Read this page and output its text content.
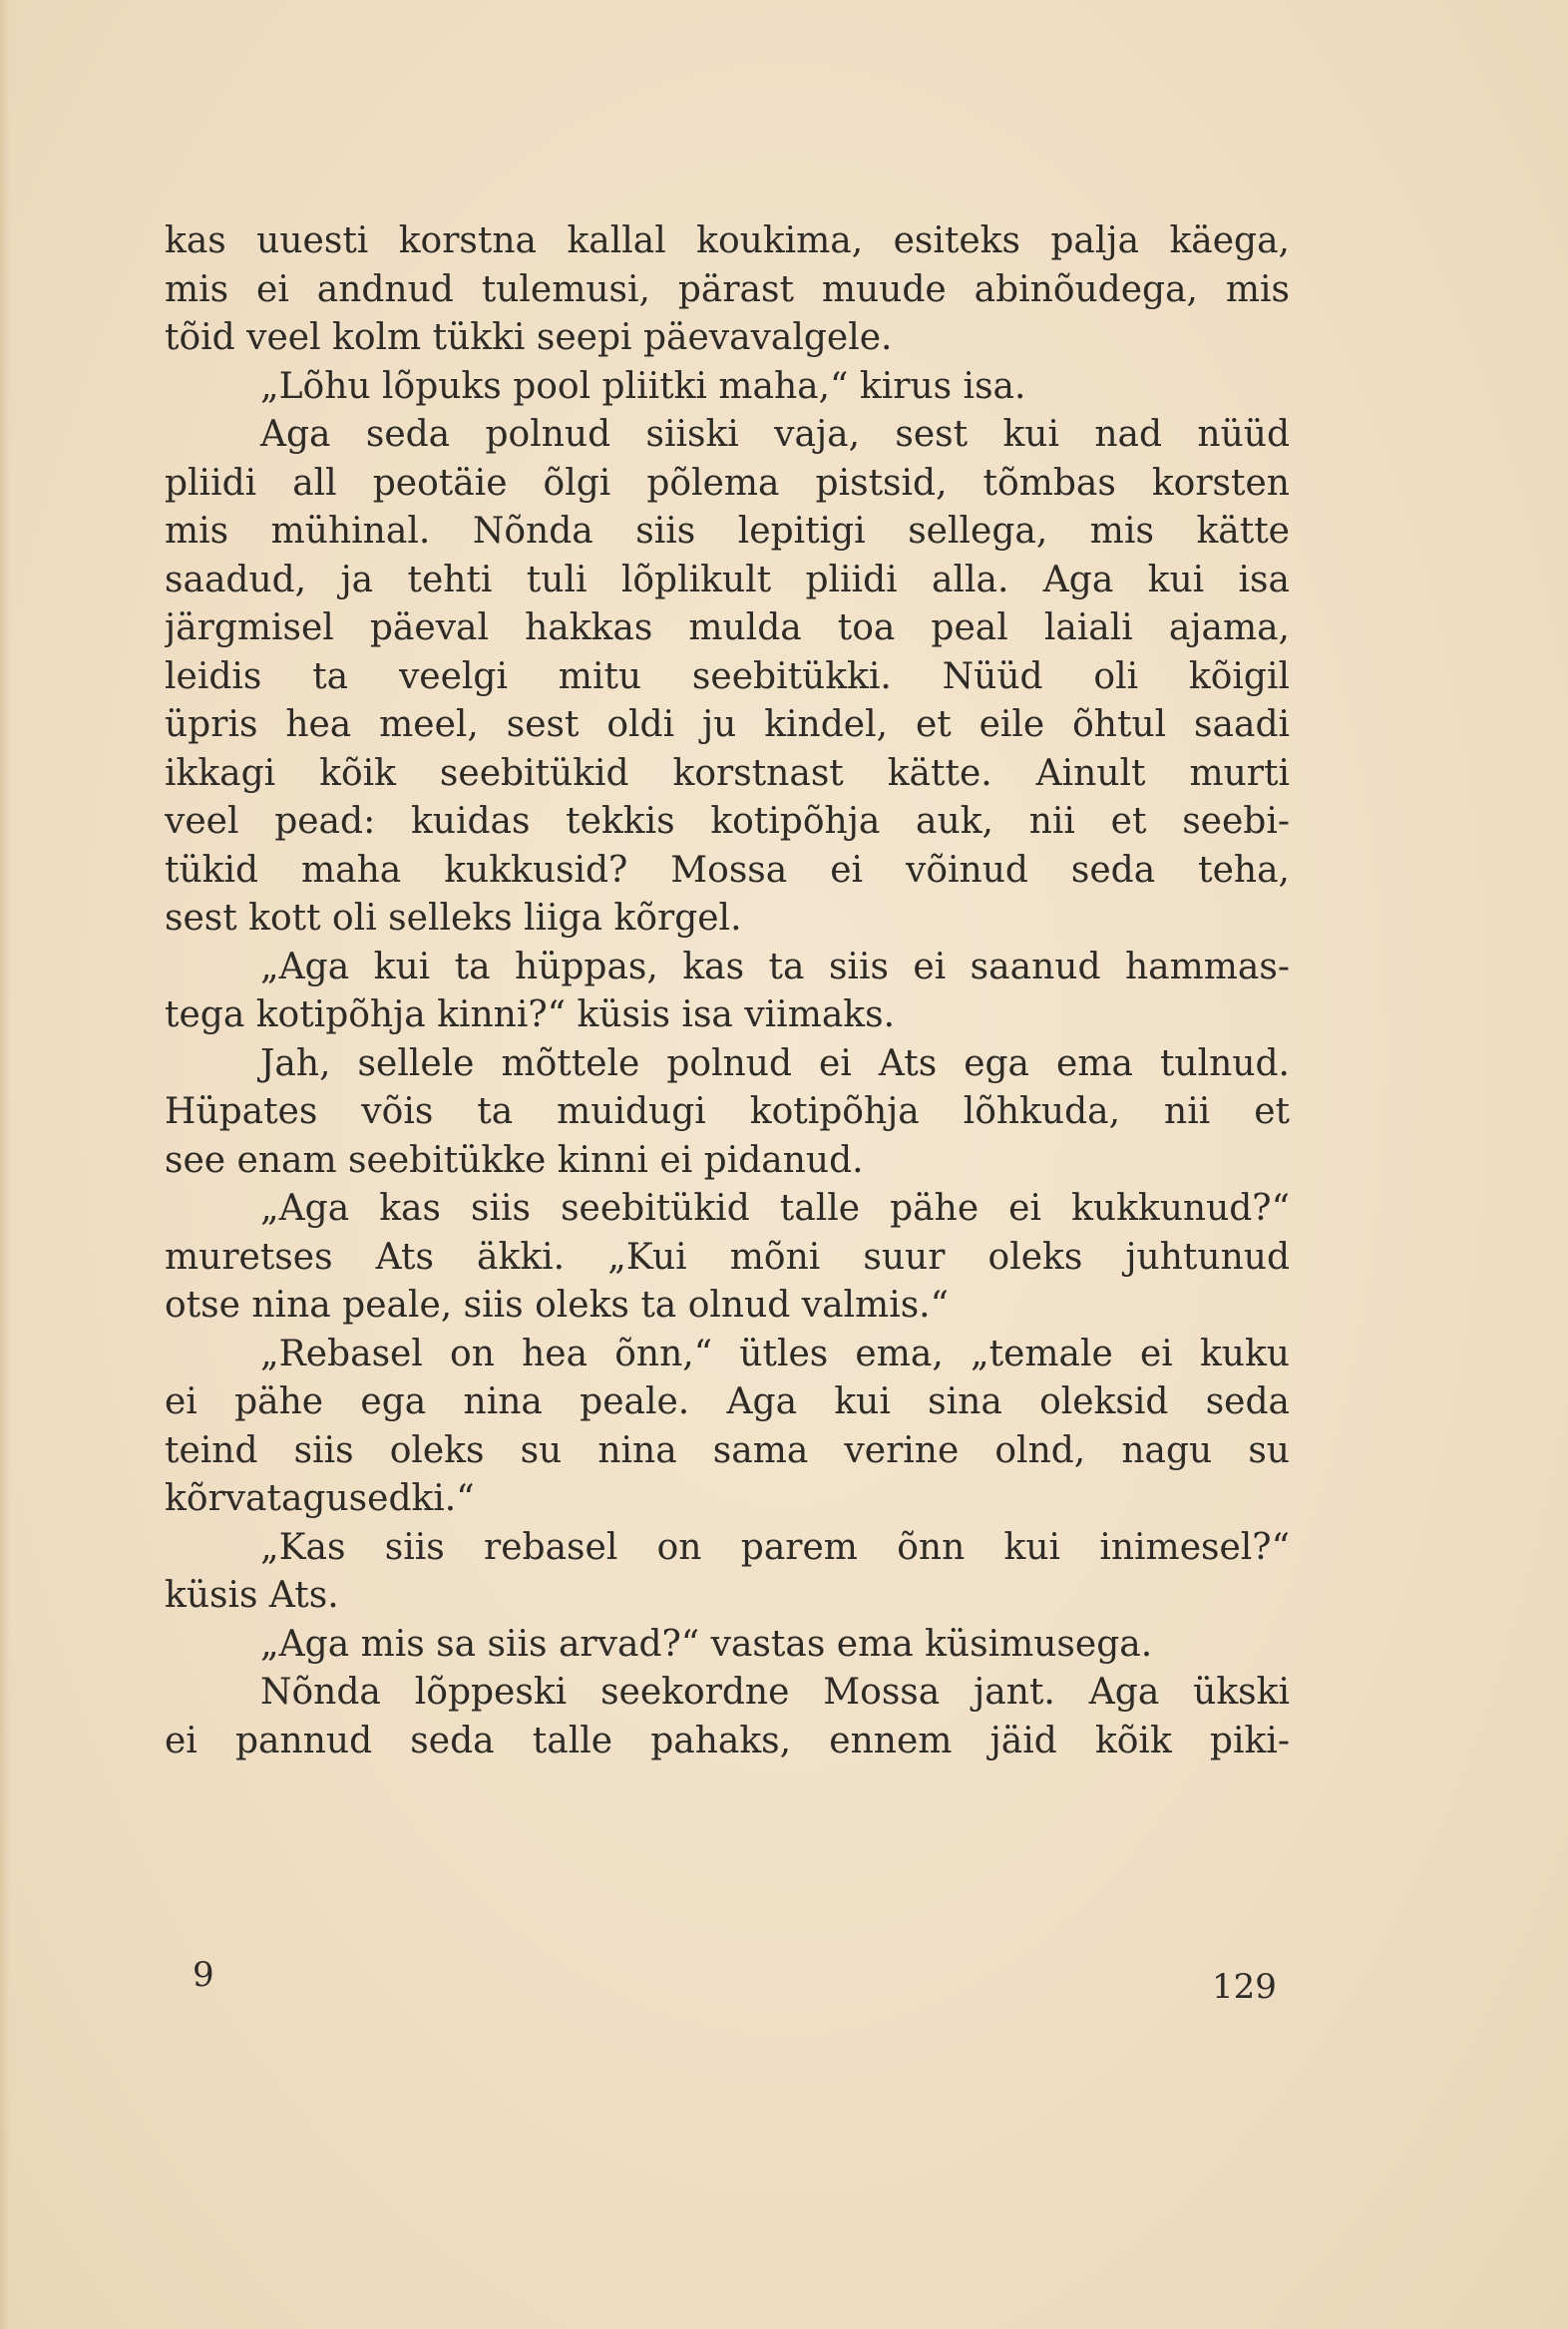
kas uuesti korstna kallal koukima, esiteks palja käega,
mis ei andnud tulemusi, pärast muude abinõudega, mis
tõid veel kolm tükki seepi päevavalgele.
„Lõhu lõpuks pool pliitki maha,“ kirus isa.
Aga seda polnud siiski vaja, sest kui nad nüüd
pliidi all peotäie õlgi põlema pistsid, tõmbas korsten
mis mühinal. Nõnda siis lepitigi sellega, mis kätte
saadud, ja tehti tuli lõplikult pliidi alla. Aga kui isa
järgmisel päeval hakkas mulda toa peal laiali ajama,
leidis ta veelgi mitu seebitükki. Nüüd oli kõigil
üpris hea meel, sest oldi ju kindel, et eile õhtul saadi
ikkagi kõik seebitükid korstnast kätte. Ainult murti
veel pead: kuidas tekkis kotipõhja auk, nii et seebi-
tükid maha kukkusid? Mossa ei võinud seda teha,
sest kott oli selleks liiga kõrgel.
„Aga kui ta hüppas, kas ta siis ei saanud hammas-
tega kotipõhja kinni?“ küsis isa viimaks.
Jah, sellele mõttele polnud ei Ats ega ema tulnud.
Hüpates võis ta muidugi kotipõhja lõhkuda, nii et
see enam seebitükke kinni ei pidanud.
„Aga kas siis seebitükid talle pähe ei kukkunud?“
muretses Ats äkki. „Kui mõni suur oleks juhtunud
otse nina peale, siis oleks ta olnud valmis.“
„Rebasel on hea õnn,“ ütles ema, „temale ei kuku
ei pähe ega nina peale. Aga kui sina oleksid seda
teind siis oleks su nina sama verine olnd, nagu su
kõrvatagusedki.“
„Kas siis rebasel on parem õnn kui inimesel?“
küsis Ats.
„Aga mis sa siis arvad?“ vastas ema küsimusega.
Nõnda lõppeski seekordne Mossa jant. Aga ükski
ei pannud seda talle pahaks, ennem jäid kõik piki-
9	129
